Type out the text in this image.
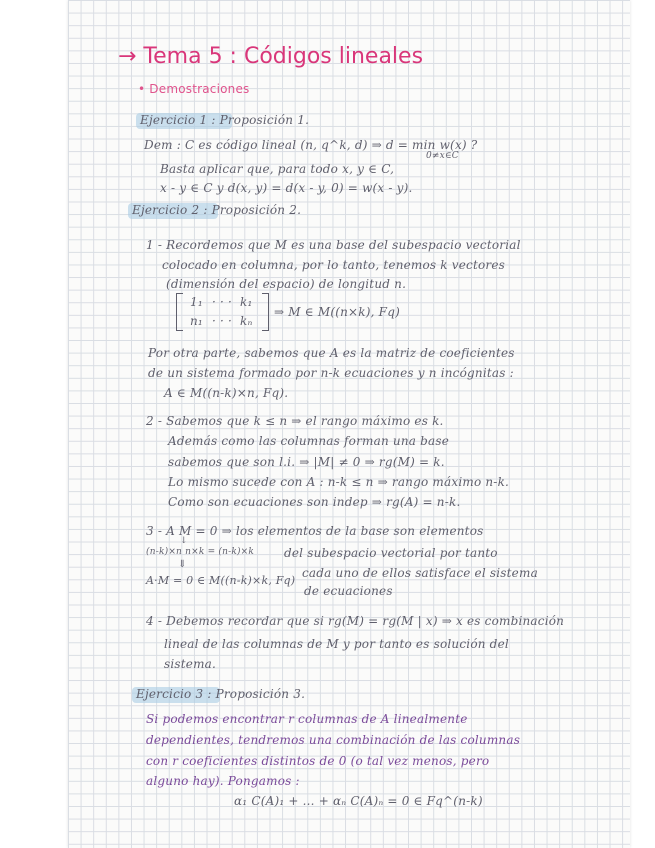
→ Tema 5 : Códigos lineales
• Demostraciones
Ejercicio 1 : Proposición 1.
Dem : C es código lineal (n, q^k, d) ⇒ d = min w(x) ?
0≠x∈C
Basta aplicar que, para todo x, y ∈ C,
x - y ∈ C y d(x, y) = d(x - y, 0) = w(x - y).
Ejercicio 2 : Proposición 2.
1 - Recordemos que M es una base del subespacio vectorial
colocado en columna, por lo tanto, tenemos k vectores
(dimensión del espacio) de longitud n.
1₁ · · · k₁
n₁ · · · kₙ
⇒ M ∈ M((n×k), Fq)
Por otra parte, sabemos que A es la matriz de coeficientes
de un sistema formado por n-k ecuaciones y n incógnitas :
A ∈ M((n-k)×n, Fq).
2 - Sabemos que k ≤ n ⇒ el rango máximo es k.
Además como las columnas forman una base
sabemos que son l.i. ⇒ |M| ≠ 0 ⇒ rg(M) = k.
Lo mismo sucede con A : n-k ≤ n ⇒ rango máximo n-k.
Como son ecuaciones son indep ⇒ rg(A) = n-k.
3 - A M = 0 ⇒ los elementos de la base son elementos
↓
(n-k)×n n×k = (n-k)×k del subespacio vectorial por tanto
⇓
cada uno de ellos satisface el sistema
A·M = 0 ∈ M((n-k)×k, Fq)
de ecuaciones
4 - Debemos recordar que si rg(M) = rg(M | x) ⇒ x es combinación
lineal de las columnas de M y por tanto es solución del
sistema.
Ejercicio 3 : Proposición 3.
Si podemos encontrar r columnas de A linealmente
dependientes, tendremos una combinación de las columnas
con r coeficientes distintos de 0 (o tal vez menos, pero
alguno hay). Pongamos :
α₁ C(A)₁ + ... + αₙ C(A)ₙ = 0 ∈ Fq^(n-k)
